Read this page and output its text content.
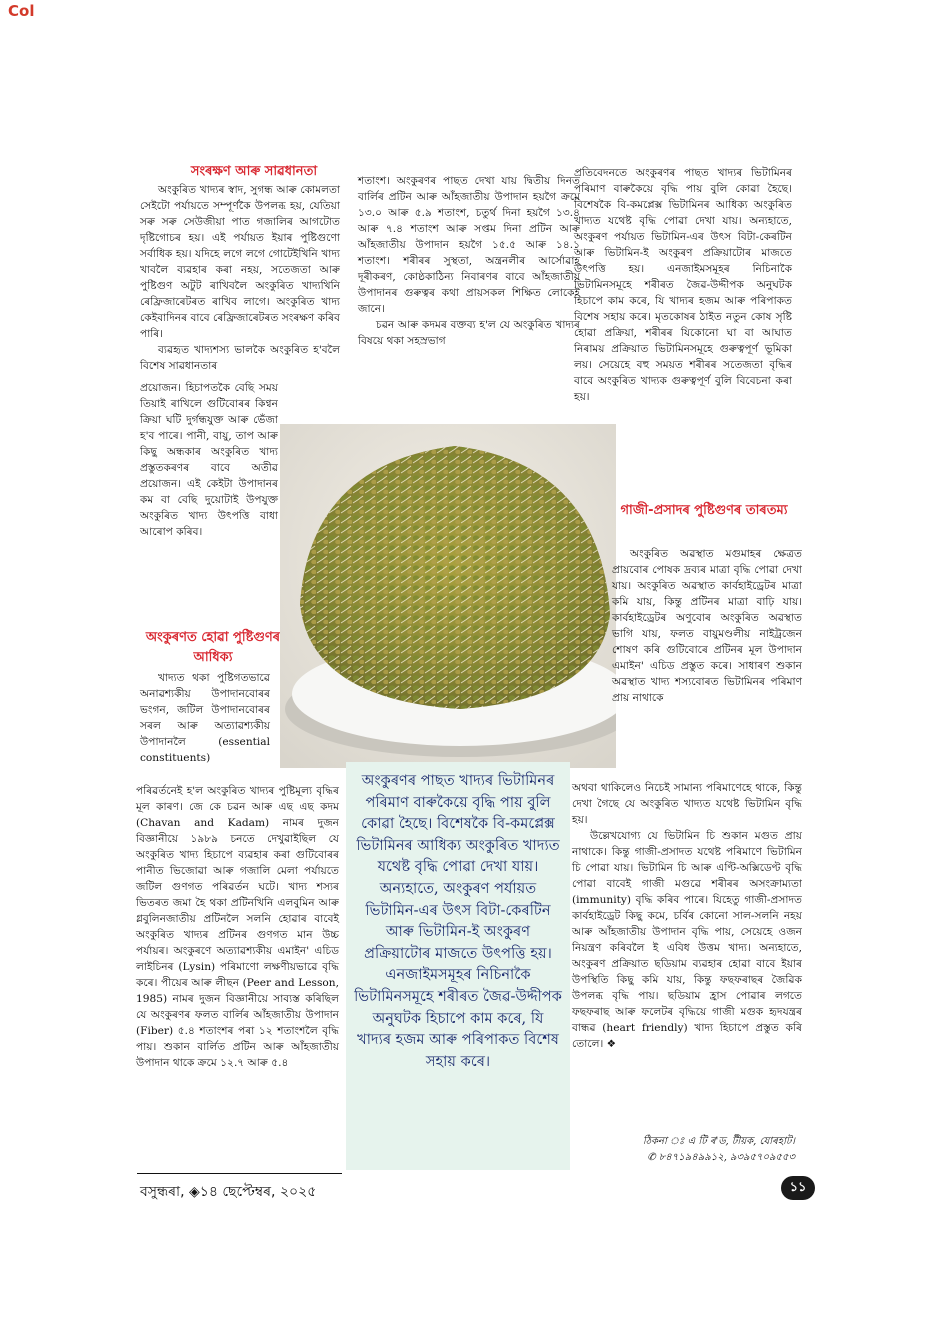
Col
সংৰক্ষণ আৰু সাৱধানতা

অংকুৰিত খাদ্যৰ স্বাদ, সুগন্ধ আৰু কোমলতা সেইটো পৰ্যায়তে সম্পূৰ্ণকৈ উপলব্ধ হয়, যেতিয়া সৰু সৰু সেউজীয়া পাত গজালিৰ আগটোত দৃষ্টিগোচৰ হয়। এই পৰ্যায়ত ইয়াৰ পুষ্টিগুণো সৰ্বাধিক হয়। যদিহে লগে লগে গোটেইখিনি খাদ্য খাবলৈ ব্যৱহাৰ কৰা নহয়, সতেজতা আৰু পুষ্টিগুণ অটুট ৰাখিবলৈ অংকুৰিত খাদ্যখিনি ৰেফ্ৰিজাৰেটৰত ৰাখিব লাগে। অংকুৰিত খাদ্য কেইবাদিনৰ বাবে ৰেফ্ৰিজাৰেটৰত সংৰক্ষণ কৰিব পাৰি।

ব্যৱহৃত খাদ্যশস্য ভালকৈ অংকুৰিত হ'বলৈ বিশেষ সাৱধানতাৰ

প্ৰয়োজন। হিচাপতকৈ বেছি সময় তিয়াই ৰাখিলে গুটিবোৰৰ কিণ্বন ক্ৰিয়া ঘটি দুৰ্গন্ধযুক্ত আৰু ভেঁজা হ'ব পাৰে। পানী, বায়ু, তাপ আৰু কিছু অন্ধকাৰ অংকুৰিত খাদ্য প্ৰস্তুতকৰণৰ বাবে অতীৱ প্ৰয়োজন। এই কেইটা উপাদানৰ কম বা বেছি দুয়োটাই উপযুক্ত অংকুৰিত খাদ্য উৎপত্তি বাধা আৰোপ কৰিব।

অংকুৰণত হোৱা পুষ্টিগুণৰ আধিক্য

খাদ্যত থকা পুষ্টিগতভাৱে অনাৱশ্যকীয় উপাদানবোৰৰ ভংগন, জটিল উপাদানবোৰৰ সৰল আৰু অত্যাৱশ্যকীয় উপাদানলৈ (essential constituents)

পৰিৱৰ্তনেই হ'ল অংকুৰিত খাদ্যৰ পুষ্টিমূল্য বৃদ্ধিৰ মূল কাৰণ। জে কে চৱন আৰু এছ এছ কদম (Chavan and Kadam) নামৰ দুজন বিজ্ঞানীয়ে ১৯৮৯ চনতে দেখুৱাইছিল যে অংকুৰিত খাদ্য হিচাপে ব্যৱহাৰ কৰা গুটিবোৰৰ পানীত ভিজোৱা আৰু গজালি মেলা পৰ্যায়তে জটিল গুণগত পৰিৱৰ্তন ঘটে। খাদ্য শস্যৰ ভিতৰত জমা হৈ থকা প্ৰটিনখিনি এলবুমিন আৰু গ্লবুলিনজাতীয় প্ৰটিনলৈ সলনি হোৱাৰ বাবেই অংকুৰিত খাদ্যৰ প্ৰটিনৰ গুণগত মান উচ্চ পৰ্যায়ৰ। অংকুৰণে অত্যাৱশ্যকীয় এমাইন' এচিড লাইচিনৰ (Lysin) পৰিমাণো লক্ষণীয়ভাৱে বৃদ্ধি কৰে। পীয়েৰ আৰু লীছন (Peer and Lesson, 1985) নামৰ দুজন বিজ্ঞানীয়ে সাব্যস্ত কৰিছিল যে অংকুৰণৰ ফলত বাৰ্লিৰ আঁহজাতীয় উপাদান (Fiber) ৫.৪ শতাংশৰ পৰা ১২ শতাংশলৈ বৃদ্ধি পায়। শুকান বাৰ্লিত প্ৰটিন আৰু আঁহজাতীয় উপাদান থাকে ক্ৰমে ১২.৭ আৰু ৫.৪

শতাংশ। অংকুৰণৰ পাছত দেখা যায় দ্বিতীয় দিনত বাৰ্লিৰ প্ৰটিন আৰু আঁহজাতীয় উপাদান হয়গৈ ক্ৰমে ১৩.০ আৰু ৫.৯ শতাংশ, চতুৰ্থ দিনা হয়গৈ ১৩.৪ আৰু ৭.৪ শতাংশ আৰু সপ্তম দিনা প্ৰটিন আৰু আঁহজাতীয় উপাদান হয়গৈ ১৫.৫ আৰু ১৪.১ শতাংশ। শৰীৰৰ সুস্থতা, অন্ত্ৰনলীৰ আৰ্সোৱাহ দূৰীকৰণ, কোষ্ঠকাঠিন্য নিবাৰণৰ বাবে আঁহজাতীয় উপাদানৰ গুৰুত্বৰ কথা প্ৰায়সকল শিক্ষিত লোকেই জানে।

চৱন আৰু কদমৰ বক্তব্য হ'ল যে অংকুৰিত খাদ্যৰ বিষয়ে থকা সহস্ৰভাগ

প্ৰতিবেদনতে অংকুৰণৰ পাছত খাদ্যৰ ভিটামিনৰ পৰিমাণ বাৰুকৈয়ে বৃদ্ধি পায় বুলি কোৱা হৈছে। বিশেষকৈ বি-কমপ্লেক্স ভিটামিনৰ আধিক্য অংকুৰিত খাদ্যত যথেষ্ট বৃদ্ধি পোৱা দেখা যায়। অন্যহাতে, অংকুৰণ পৰ্যায়ত ভিটামিন-এৰ উৎস বিটা-কেৰটিন আৰু ভিটামিন-ই অংকুৰণ প্ৰক্ৰিয়াটোৰ মাজতে উৎপত্তি হয়। এনজাইমসমূহৰ নিচিনাকৈ ভিটামিনসমূহে শৰীৰত জৈৱ-উদ্দীপক অনুঘটক হিচাপে কাম কৰে, যি খাদ্যৰ হজম আৰু পৰিপাকত বিশেষ সহায় কৰে। মৃতকোষৰ ঠাইত নতুন কোষ সৃষ্টি হোৱা প্ৰক্ৰিয়া, শৰীৰৰ যিকোনো ঘা বা আঘাত নিৰাময় প্ৰক্ৰিয়াত ভিটামিনসমূহে গুৰুত্বপূৰ্ণ ভূমিকা লয়। সেয়েহে বহু সময়ত শৰীৰৰ সতেজতা বৃদ্ধিৰ বাবে অংকুৰিত খাদ্যক গুৰুত্বপূৰ্ণ বুলি বিবেচনা কৰা হয়।

গাজী-প্ৰসাদৰ পুষ্টিগুণৰ তাৰতম্য

অংকুৰিত অৱস্থাত মগুমাহৰ ক্ষেত্ৰত প্ৰায়বোৰ পোষক দ্ৰব্যৰ মাত্ৰা বৃদ্ধি পোৱা দেখা যায়। অংকুৰিত অৱস্থাত কাৰ্বহাইড্ৰেটৰ মাত্ৰা কমি যায়, কিন্তু প্ৰটিনৰ মাত্ৰা বাঢ়ি যায়। কাৰ্বহাইড্ৰেটৰ অণুবোৰ অংকুৰিত অৱস্থাত ভাগি যায়, ফলত বায়ুমণ্ডলীয় নাইট্ৰজেন শোষণ কৰি গুটিবোৰে প্ৰটিনৰ মূল উপাদান এমাইন' এচিড প্ৰস্তুত কৰে। সাধাৰণ শুকান অৱস্থাত খাদ্য শস্যবোৰত ভিটামিনৰ পৰিমাণ প্ৰায় নাথাকে

অথবা থাকিলেও নিচেই সামান্য পৰিমাণেহে থাকে, কিন্তু দেখা গৈছে যে অংকুৰিত খাদ্যত যথেষ্ট ভিটামিন বৃদ্ধি হয়।

উল্লেখযোগ্য যে ভিটামিন চি শুকান মগুত প্ৰায় নাথাকে। কিন্তু গাজী-প্ৰসাদত যথেষ্ট পৰিমাণে ভিটামিন চি পোৱা যায়। ভিটামিন চি আৰু এণ্টি-অক্সিডেণ্ট বৃদ্ধি পোৱা বাবেই গাজী মগুৱে শৰীৰৰ অসংক্ৰাম্যতা (immunity) বৃদ্ধি কৰিব পাৰে। যিহেতু গাজী-প্ৰসাদত কাৰ্বহাইড্ৰেট কিছু কমে, চৰ্বিৰ কোনো সাল-সলনি নহয় আৰু আঁহজাতীয় উপাদান বৃদ্ধি পায়, সেয়েহে ওজন নিয়ন্ত্ৰণ কৰিবলৈ ই এবিধ উত্তম খাদ্য। অন্যহাতে, অংকুৰণ প্ৰক্ৰিয়াত ছডিয়াম ব্যৱহাৰ হোৱা বাবে ইয়াৰ উপস্থিতি কিছু কমি যায়, কিন্তু ফছফৰাছৰ জৈৱিক উপলব্ধ বৃদ্ধি পায়। ছডিয়াম হ্ৰাস পোৱাৰ লগতে ফছফৰাছ আৰু ফলেটৰ বৃদ্ধিয়ে গাজী মগুক হৃদযন্ত্ৰৰ বান্ধৱ (heart friendly) খাদ্য হিচাপে প্ৰস্তুত কৰি তোলে। ❖

অংকুৰণৰ পাছত খাদ্যৰ ভিটামিনৰ পৰিমাণ বাৰুকৈয়ে বৃদ্ধি পায় বুলি কোৱা হৈছে। বিশেষকৈ বি-কমপ্লেক্স ভিটামিনৰ আধিক্য অংকুৰিত খাদ্যত যথেষ্ট বৃদ্ধি পোৱা দেখা যায়। অন্যহাতে, অংকুৰণ পৰ্যায়ত ভিটামিন-এৰ উৎস বিটা-কেৰটিন আৰু ভিটামিন-ই অংকুৰণ প্ৰক্ৰিয়াটোৰ মাজতে উৎপত্তি হয়। এনজাইমসমূহৰ নিচিনাকৈ ভিটামিনসমূহে শৰীৰত জৈৱ-উদ্দীপক অনুঘটক হিচাপে কাম কৰে, যি খাদ্যৰ হজম আৰু পৰিপাকত বিশেষ সহায় কৰে।
ঠিকনা ঃ এ টি ৰ'ড, টীয়ক, যোৰহাট।
✆ ৮৪৭১৯৪৯৯১২, ৯৩৯৫৭০৯৫৫৩
বসুন্ধৰা, ◈১৪ ছেপ্টেম্বৰ, ২০২৫	১১
